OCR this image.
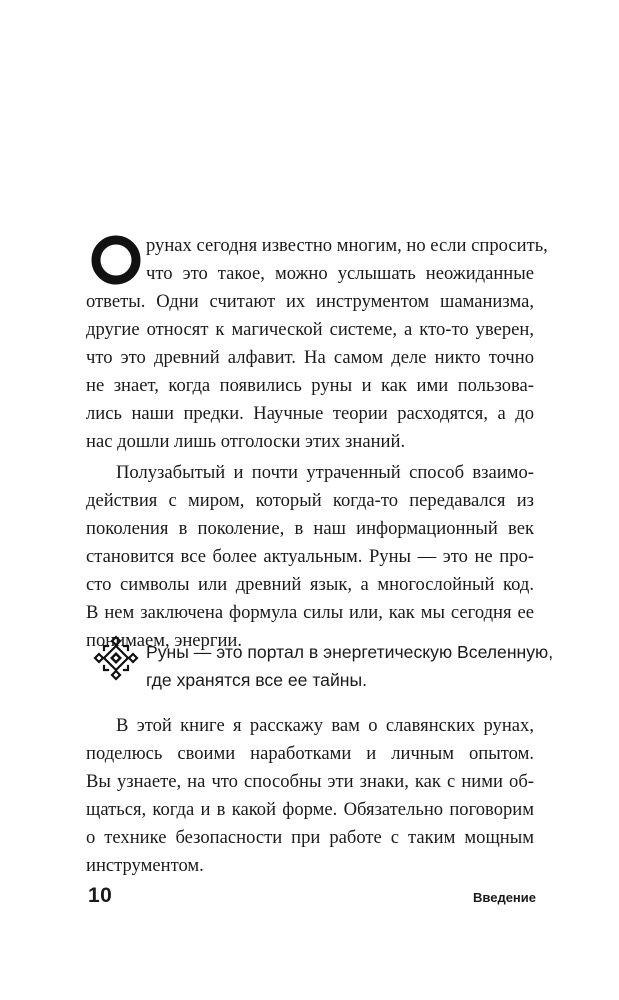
рунах сегодня известно многим, но если спросить,
что это такое, можно услышать неожиданные
ответы. Одни считают их инструментом шаманизма,
другие относят к магической системе, а кто-то уверен,
что это древний алфавит. На самом деле никто точно
не знает, когда появились руны и как ими пользова-
лись наши предки. Научные теории расходятся, а до
нас дошли лишь отголоски этих знаний.
Полузабытый и почти утраченный способ взаимо-
действия с миром, который когда-то передавался из
поколения в поколение, в наш информационный век
становится все более актуальным. Руны — это не про-
сто символы или древний язык, а многослойный код.
В нем заключена формула силы или, как мы сегодня ее
понимаем, энергии.
Руны — это портал в энергетическую Вселенную,
где хранятся все ее тайны.
В этой книге я расскажу вам о славянских рунах,
поделюсь своими наработками и личным опытом.
Вы узнаете, на что способны эти знаки, как с ними об-
щаться, когда и в какой форме. Обязательно поговорим
о технике безопасности при работе с таким мощным
инструментом.
10	Введение
